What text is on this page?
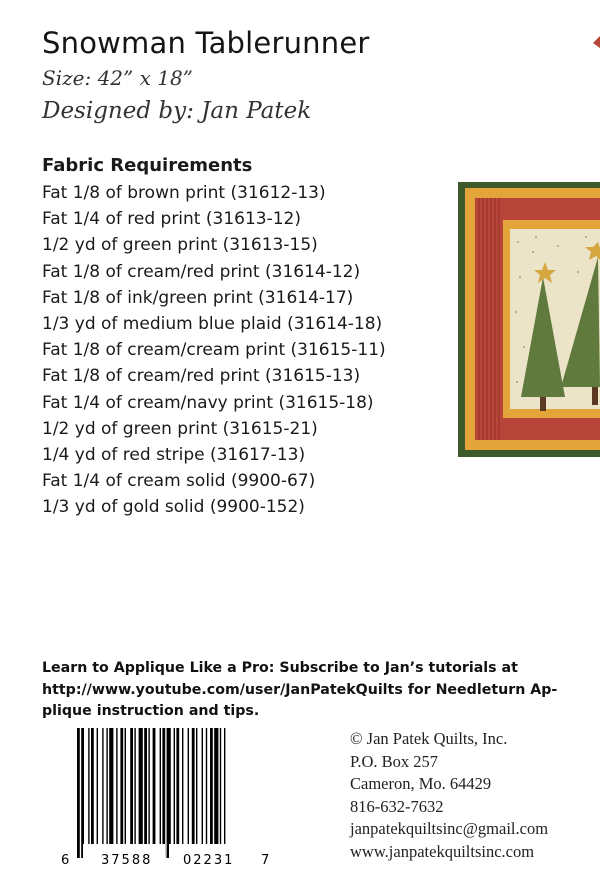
Snowman Tablerunner
Size: 42” x 18”
Designed by: Jan Patek
Fabric Requirements
Fat 1/8 of brown print (31612-13)
Fat 1/4 of red print (31613-12)
1/2 yd of green print (31613-15)
Fat 1/8 of cream/red print (31614-12)
Fat 1/8 of ink/green print (31614-17)
1/3 yd of medium blue plaid (31614-18)
Fat 1/8 of cream/cream print (31615-11)
Fat 1/8 of cream/red print (31615-13)
Fat 1/4 of cream/navy print (31615-18)
1/2 yd of green print (31615-21)
1/4 yd of red stripe (31617-13)
Fat 1/4 of cream solid (9900-67)
1/3 yd of gold solid (9900-152)
Learn to Applique Like a Pro: Subscribe to Jan’s tutorials at
http://www.youtube.com/user/JanPatekQuilts for Needleturn Ap-
plique instruction and tips.
6 37588 02231 7
© Jan Patek Quilts, Inc.
P.O. Box 257
Cameron, Mo. 64429
816-632-7632
janpatekquiltsinc@gmail.com
www.janpatekquiltsinc.com
